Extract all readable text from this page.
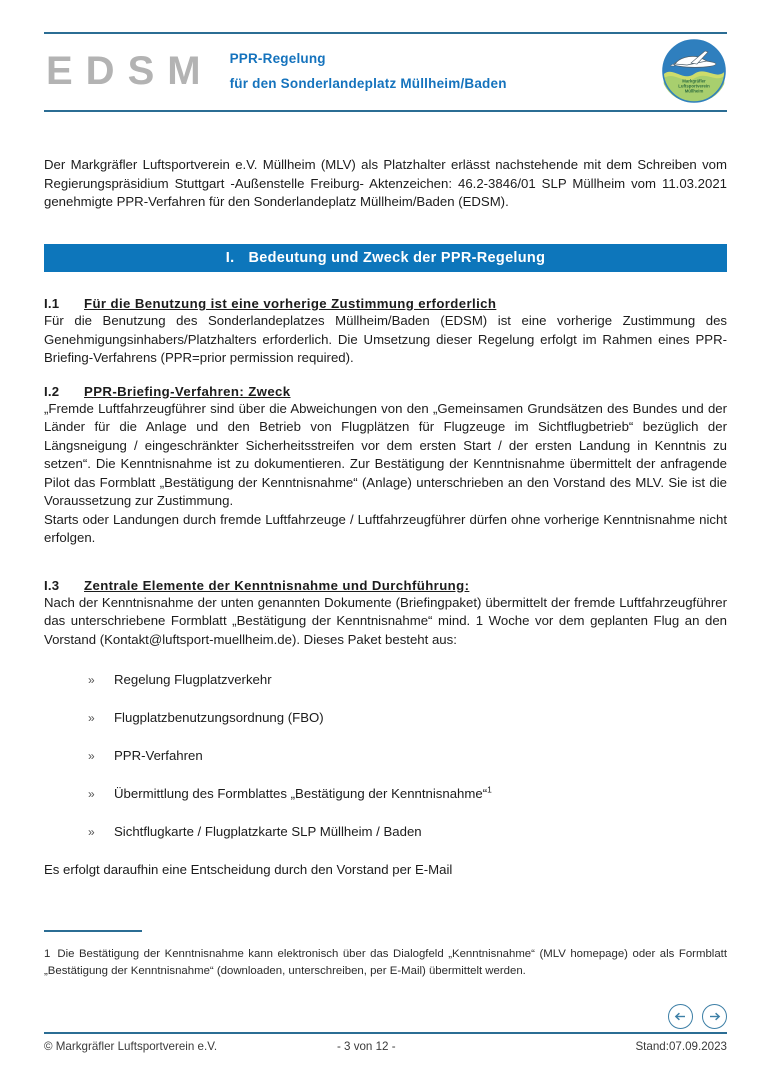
EDSM PPR-Regelung
für den Sonderlandeplatz Müllheim/Baden	Markgräfler
Luftsportverein
Müllheim
Der Markgräfler Luftsportverein e.V. Müllheim (MLV) als Platzhalter erlässt nachstehende mit dem Schreiben vom Regierungspräsidium Stuttgart -Außenstelle Freiburg- Aktenzeichen: 46.2-3846/01 SLP Müllheim vom 11.03.2021 genehmigte PPR-Verfahren für den Sonderlandeplatz Müllheim/Baden (EDSM).
I. Bedeutung und Zweck der PPR-Regelung
I.1	Für die Benutzung ist eine vorherige Zustimmung erforderlich

Für die Benutzung des Sonderlandeplatzes Müllheim/Baden (EDSM) ist eine vorherige Zustimmung des Genehmigungsinhabers/Platzhalters erforderlich. Die Umsetzung dieser Regelung erfolgt im Rahmen eines PPR-Briefing-Verfahrens (PPR=prior permission required).

I.2	PPR-Briefing-Verfahren: Zweck

„Fremde Luftfahrzeugführer sind über die Abweichungen von den „Gemeinsamen Grundsätzen des Bundes und der Länder für die Anlage und den Betrieb von Flugplätzen für Flugzeuge im Sichtflugbetrieb“ bezüglich der Längsneigung / eingeschränkter Sicherheitsstreifen vor dem ersten Start / der ersten Landung in Kenntnis zu setzen“. Die Kenntnisnahme ist zu dokumentieren. Zur Bestätigung der Kenntnisnahme übermittelt der anfragende Pilot das Formblatt „Bestätigung der Kenntnisnahme“ (Anlage) unterschrieben an den Vorstand des MLV. Sie ist die Voraussetzung zur Zustimmung.

Starts oder Landungen durch fremde Luftfahrzeuge / Luftfahrzeugführer dürfen ohne vorherige Kenntnisnahme nicht erfolgen.

I.3	Zentrale Elemente der Kenntnisnahme und Durchführung:

Nach der Kenntnisnahme der unten genannten Dokumente (Briefingpaket) übermittelt der fremde Luftfahrzeugführer das unterschriebene Formblatt „Bestätigung der Kenntnisnahme“ mind. 1 Woche vor dem geplanten Flug an den Vorstand (Kontakt@luftsport-muellheim.de). Dieses Paket besteht aus:

»	Regelung Flugplatzverkehr
»	Flugplatzbenutzungsordnung (FBO)
»	PPR-Verfahren
»	Übermittlung des Formblattes „Bestätigung der Kenntnisnahme“$^1$
»	Sichtflugkarte / Flugplatzkarte SLP Müllheim / Baden
Es erfolgt daraufhin eine Entscheidung durch den Vorstand per E-Mail
1 Die Bestätigung der Kenntnisnahme kann elektronisch über das Dialogfeld „Kenntnisnahme“ (MLV homepage) oder als Formblatt „Bestätigung der Kenntnisnahme“ (downloaden, unterschreiben, per E-Mail) übermittelt werden.
© Markgräfler Luftsportverein e.V.	- 3 von 12 -	Stand:07.09.2023
